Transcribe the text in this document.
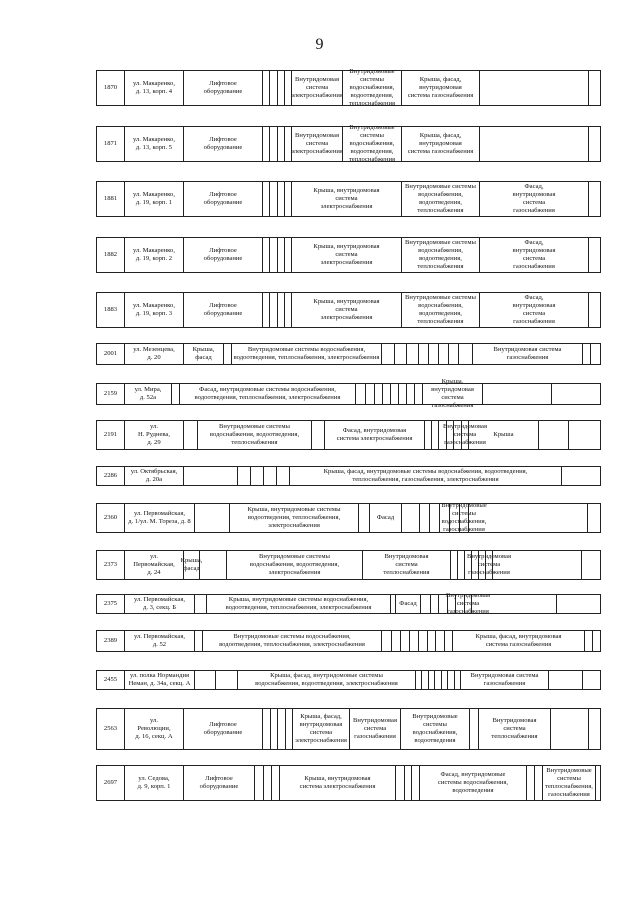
9
1870
ул. Макаренко,
д. 13, корп. 4
Лифтовое
оборудование
Внутридомовая
система
электроснабжения
Внутридомовые системы
водоснабжения,
водоотведения,
теплоснабжения
Крыша, фасад,
внутридомовая
система газоснабжения
1871
ул. Макаренко,
д. 13, корп. 5
Лифтовое
оборудование
Внутридомовая
система
электроснабжения
Внутридомовые системы
водоснабжения,
водоотведения,
теплоснабжения
Крыша, фасад,
внутридомовая
система газоснабжения
1881
ул. Макаренко,
д. 19, корп. 1
Лифтовое
оборудование
Крыша, внутридомовая
система
электроснабжения
Внутридомовые системы
водоснабжения,
водоотведения,
теплоснабжения
Фасад,
внутридомовая
система
газоснабжения
1882
ул. Макаренко,
д. 19, корп. 2
Лифтовое
оборудование
Крыша, внутридомовая
система
электроснабжения
Внутридомовые системы
водоснабжения,
водоотведения,
теплоснабжения
Фасад,
внутридомовая
система
газоснабжения
1883
ул. Макаренко,
д. 19, корп. 3
Лифтовое
оборудование
Крыша, внутридомовая
система
электроснабжения
Внутридомовые системы
водоснабжения,
водоотведения,
теплоснабжения
Фасад,
внутридомовая
система
газоснабжения
2001
ул. Мезенцева,
д. 20
Крыша,
фасад
Внутридомовые системы водоснабжения,
водоотведения, теплоснабжения, электроснабжения
Внутридомовая система
газоснабжения
2159
ул. Мира,
д. 52а
Фасад, внутридомовые системы водоснабжения,
водоотведения, теплоснабжения, электроснабжения
Крыша, внутридомовая система
газоснабжения
2191
ул.
Н. Руднева,
д. 29
Внутридомовые системы
водоснабжения, водоотведения,
теплоснабжения
Фасад, внутридомовая
система электроснабжения
Внутридомовая
система
газоснабжения
Крыша
2286
ул. Октябрьская,
д. 20а
Крыша, фасад, внутридомовые системы водоснабжения, водоотведения,
теплоснабжения, газоснабжения, электроснабжения
2360
ул. Первомайская,
д. 1/ул. М. Тореза, д. 8
Крыша, внутридомовые системы
водоотведения, теплоснабжения,
электроснабжения
Фасад
Внутридомовые системы
водоснабжения, газоснабжения
2373
ул.
Первомайская,
д. 24
Крыша,
фасад
Внутридомовые системы
водоснабжения, водоотведения,
электроснабжения
Внутридомовая
система
теплоснабжения
Внутридомовая
система
газоснабжения
2375
ул. Первомайская,
д. 3, секц. Б
Крыша, внутридомовые системы водоснабжения,
водоотведения, теплоснабжения, электроснабжения
Фасад
Внутридомовая система
газоснабжения
2389
ул. Первомайская,
д. 52
Внутридомовые системы водоснабжения,
водоотведения, теплоснабжения, электроснабжения
Крыша, фасад, внутридомовая
система газоснабжения
2455
ул. полка Нормандия
Неман, д. 34а, секц. А
Крыша, фасад, внутридомовые системы
водоснабжения, водоотведения, электроснабжения
Внутридомовая система
газоснабжения
2563
ул.
Революции,
д. 16, секц. А
Лифтовое
оборудование
Крыша, фасад,
внутридомовая
система
электроснабжения
Внутридомовая
система
газоснабжения
Внутридомовые
системы
водоснабжения,
водоотведения
Внутридомовая
система
теплоснабжения
2697
ул. Седова,
д. 9, корп. 1
Лифтовое
оборудование
Крыша, внутридомовая
система электроснабжения
Фасад, внутридомовые
системы водоснабжения,
водоотведения
Внутридомовые
системы
теплоснабжения,
газоснабжения
